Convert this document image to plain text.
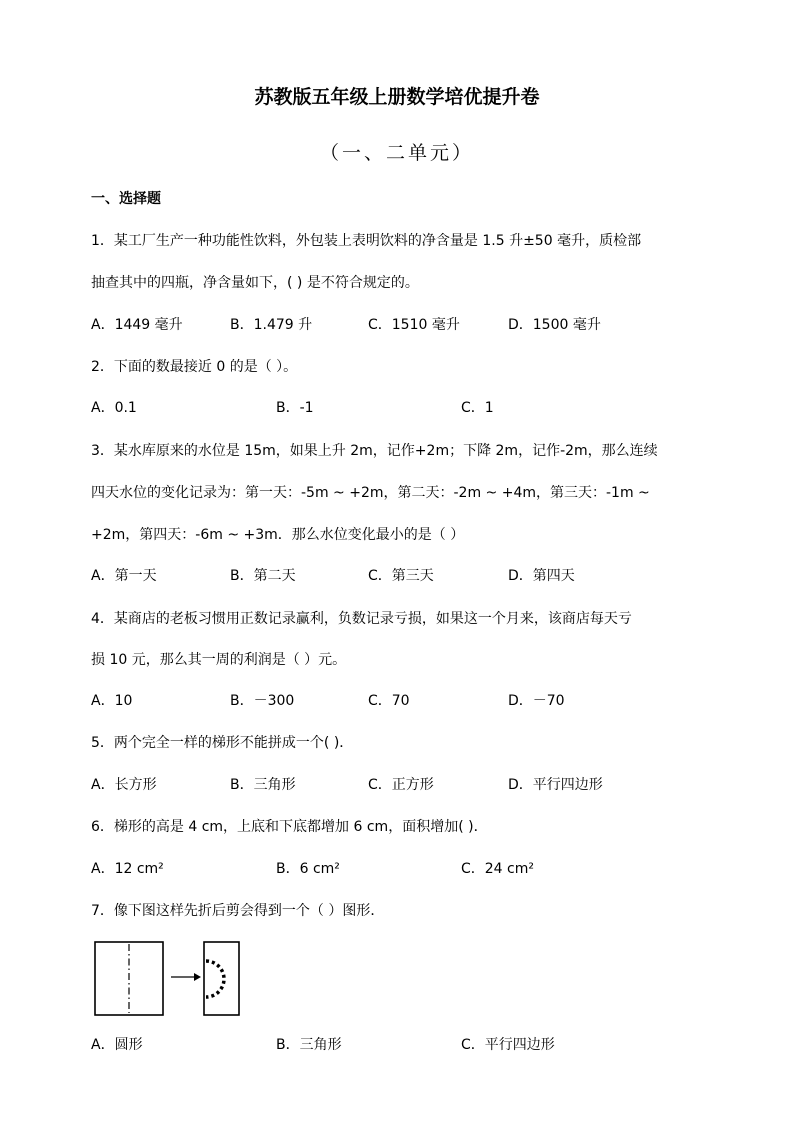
苏教版五年级上册数学培优提升卷
（一、二单元）
一、选择题
1．某工厂生产一种功能性饮料，外包装上表明饮料的净含量是 1.5 升±50 毫升，质检部
抽查其中的四瓶，净含量如下，( ) 是不符合规定的。
A．1449 毫升	B．1.479 升	C．1510 毫升	D．1500 毫升
2．下面的数最接近 0 的是（ ）。
A．0.1	B．-1	C．1
3．某水库原来的水位是 15m，如果上升 2m，记作+2m；下降 2m，记作-2m，那么连续
四天水位的变化记录为：第一天：-5m ~ +2m，第二天：-2m ~ +4m，第三天：-1m ~
+2m，第四天：-6m ~ +3m．那么水位变化最小的是（ ）
A．第一天	B．第二天	C．第三天	D．第四天
4．某商店的老板习惯用正数记录赢利，负数记录亏损，如果这一个月来，该商店每天亏
损 10 元，那么其一周的利润是（ ）元。
A．10	B．－300	C．70	D．－70
5．两个完全一样的梯形不能拼成一个( )．
A．长方形	B．三角形	C．正方形	D．平行四边形
6．梯形的高是 4 cm，上底和下底都增加 6 cm，面积增加( )．
A．12 cm²	B．6 cm²	C．24 cm²
7．像下图这样先折后剪会得到一个（ ）图形．
A．圆形	B．三角形	C．平行四边形
